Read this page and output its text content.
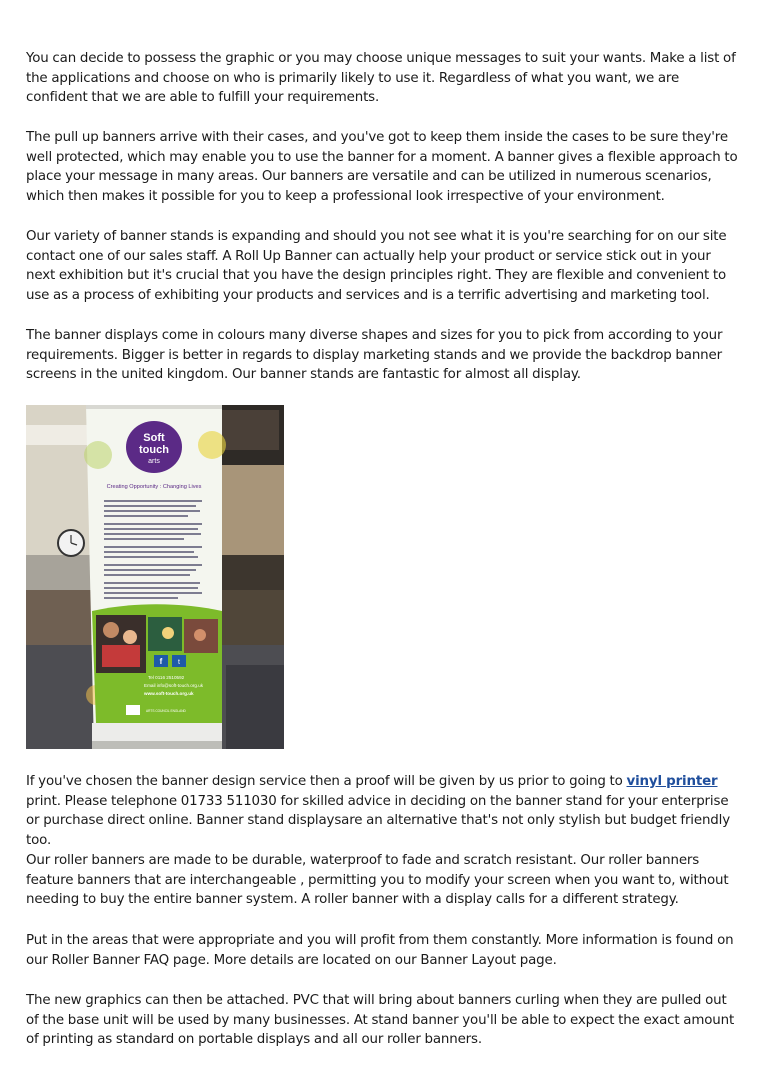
You can decide to possess the graphic or you may choose unique messages to suit your wants. Make a list of the applications and choose on who is primarily likely to use it. Regardless of what you want, we are confident that we are able to fulfill your requirements.

The pull up banners arrive with their cases, and you've got to keep them inside the cases to be sure they're well protected, which may enable you to use the banner for a moment. A banner gives a flexible approach to place your message in many areas. Our banners are versatile and can be utilized in numerous scenarios, which then makes it possible for you to keep a professional look irrespective of your environment.

Our variety of banner stands is expanding and should you not see what it is you're searching for on our site contact one of our sales staff. A Roll Up Banner can actually help your product or service stick out in your next exhibition but it's crucial that you have the design principles right. They are flexible and convenient to use as a process of exhibiting your products and services and is a terrific advertising and marketing tool.

The banner displays come in colours many diverse shapes and sizes for you to pick from according to your requirements. Bigger is better in regards to display marketing stands and we provide the backdrop banner screens in the united kingdom. Our banner stands are fantastic for almost all display.

Soft
touch
arts
Creating Opportunity : Changing Lives
f t
Tel 0116 2510592
Email info@soft-touch.org.uk
www.soft-touch.org.uk
ARTS COUNCIL ENGLAND

If you've chosen the banner design service then a proof will be given by us prior to going to vinyl printer print. Please telephone 01733 511030 for skilled advice in deciding on the banner stand for your enterprise or purchase direct online. Banner stand displaysare an alternative that's not only stylish but budget friendly too.

Our roller banners are made to be durable, waterproof to fade and scratch resistant. Our roller banners feature banners that are interchangeable , permitting you to modify your screen when you want to, without needing to buy the entire banner system. A roller banner with a display calls for a different strategy.

Put in the areas that were appropriate and you will profit from them constantly. More information is found on our Roller Banner FAQ page. More details are located on our Banner Layout page.

The new graphics can then be attached. PVC that will bring about banners curling when they are pulled out of the base unit will be used by many businesses. At stand banner you'll be able to expect the exact amount of printing as standard on portable displays and all our roller banners.
